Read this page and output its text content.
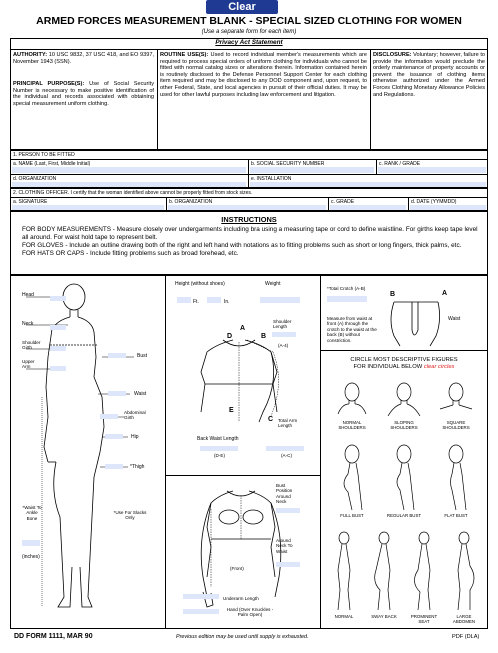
Clear
ARMED FORCES MEASUREMENT BLANK - SPECIAL SIZED CLOTHING FOR WOMEN
(Use a separate form for each item)
Privacy Act Statement
AUTHORITY: 10 USC 9832, 37 USC 418, and EO 9397, November 1943 (SSN).
PRINCIPAL PURPOSE(S): Use of Social Security Number is necessary to make positive identification of the individual and records associated with obtaining special measurement uniform clothing.
ROUTINE USE(S): Used to record individual member's measurements which are required to process special orders of uniform clothing for individuals who cannot be fitted with normal catalog sizes or alterations therein. Information contained herein is routinely disclosed to the Defense Personnel Support Center for each clothing item required and may be disclosed to any DOD component and, upon request, to other Federal, State, and local agencies in pursuit of their official duties. It may be used for other lawful purposes including law enforcement and litigation.
DISCLOSURE: Voluntary; however, failure to provide the information would preclude the orderly maintenance of property accounts or prevent the issuance of clothing items otherwise authorized under the Armed Forces Clothing Monetary Allowance Policies and Regulations.
1. PERSON TO BE FITTED
a. NAME (Last, First, Middle Initial)	b. SOCIAL SECURITY NUMBER	c. RANK / GRADE
d. ORGANIZATION	e. INSTALLATION
2. CLOTHING OFFICER. I certify that the woman identified above cannot be properly fitted from stock sizes.
a. SIGNATURE	b. ORGANIZATION	c. GRADE	d. DATE (YYMMDD)
INSTRUCTIONS
FOR BODY MEASUREMENTS - Measure closely over undergarments including bra using a measuring tape or cord to define waistline. For girths keep tape level all around. For waist hold tape to represent belt.
FOR GLOVES - Include an outline drawing both of the right and left hand with notations as to fitting problems such as short or long fingers, thick palms, etc.
FOR HATS OR CAPS - Include fitting problems such as broad forehead, etc.
Head
Neck
Shoulder Girth
Upper Arm
Bust
Waist
Abdominal Girth
Hip
*Thigh
*Waist To Ankle Bone
(inches)
*Use For Slacks Only
Height (without shoes)	Weight
Ft.	In.
D
A
B
E
C
Shoulder Length
(A-4)
Total Arm Length
Back Waist Length
(D-E)	(A-C)
Bust Position Around Neck
Around Neck To Waist
(Front)
Underarm Length
Hand (Over Knuckles - Palm Open)
*Total Crotch (A-B)
Measure from waist at front (A) through the crotch to the waist at the back (B) without constriction.
B	A
Waist
CIRCLE MOST DESCRIPTIVE FIGURES
FOR INDIVIDUAL BELOW clear circles
NORMAL SHOULDERS
SLOPING SHOULDERS
SQUARE SHOULDERS
FULL BUST	REGULAR BUST	FLAT BUST
NORMAL	SWAY BACK	PROMINENT SEAT
LARGE ABDOMEN
DD FORM 1111, MAR 90	Previous edition may be used until supply is exhausted.	PDF (DLA)
